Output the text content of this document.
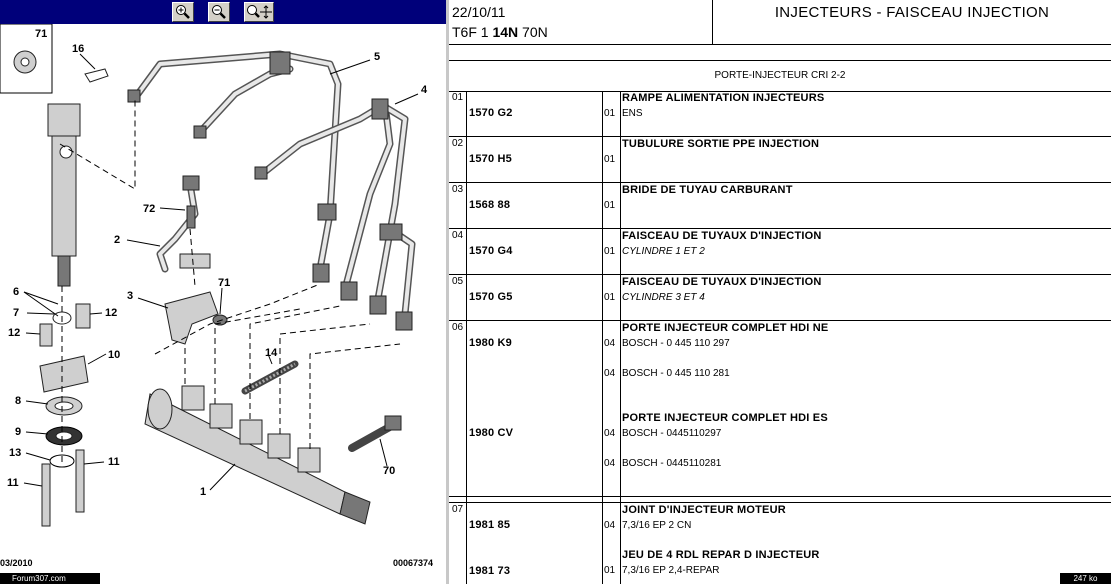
71
16
5
4
72
2
71
3
6
7	12
12
10	14
8
9
13
11
11
1
70
03/2010	00067374
Forum307.com
22/10/11
T6F 1 14N 70N
INJECTEURS - FAISCEAU INJECTION
PORTE-INJECTEUR CRI 2-2
01	RAMPE ALIMENTATION INJECTEURS
1570 G2	01 ENS
02	TUBULURE SORTIE PPE INJECTION
1570 H5	01
03	BRIDE DE TUYAU CARBURANT
1568 88	01
04	FAISCEAU DE TUYAUX D'INJECTION
1570 G4	01 CYLINDRE 1 ET 2
05	FAISCEAU DE TUYAUX D'INJECTION
1570 G5	01 CYLINDRE 3 ET 4
06	PORTE INJECTEUR COMPLET HDI NE
1980 K9	04 BOSCH - 0 445 110 297
04 BOSCH - 0 445 110 281
PORTE INJECTEUR COMPLET HDI ES
1980 CV	04 BOSCH - 0445110297
04 BOSCH - 0445110281
07	JOINT D'INJECTEUR MOTEUR
1981 85	04 7,3/16 EP 2 CN
JEU DE 4 RDL REPAR D INJECTEUR
1981 73	01 7,3/16 EP 2,4-REPAR
247 ko
